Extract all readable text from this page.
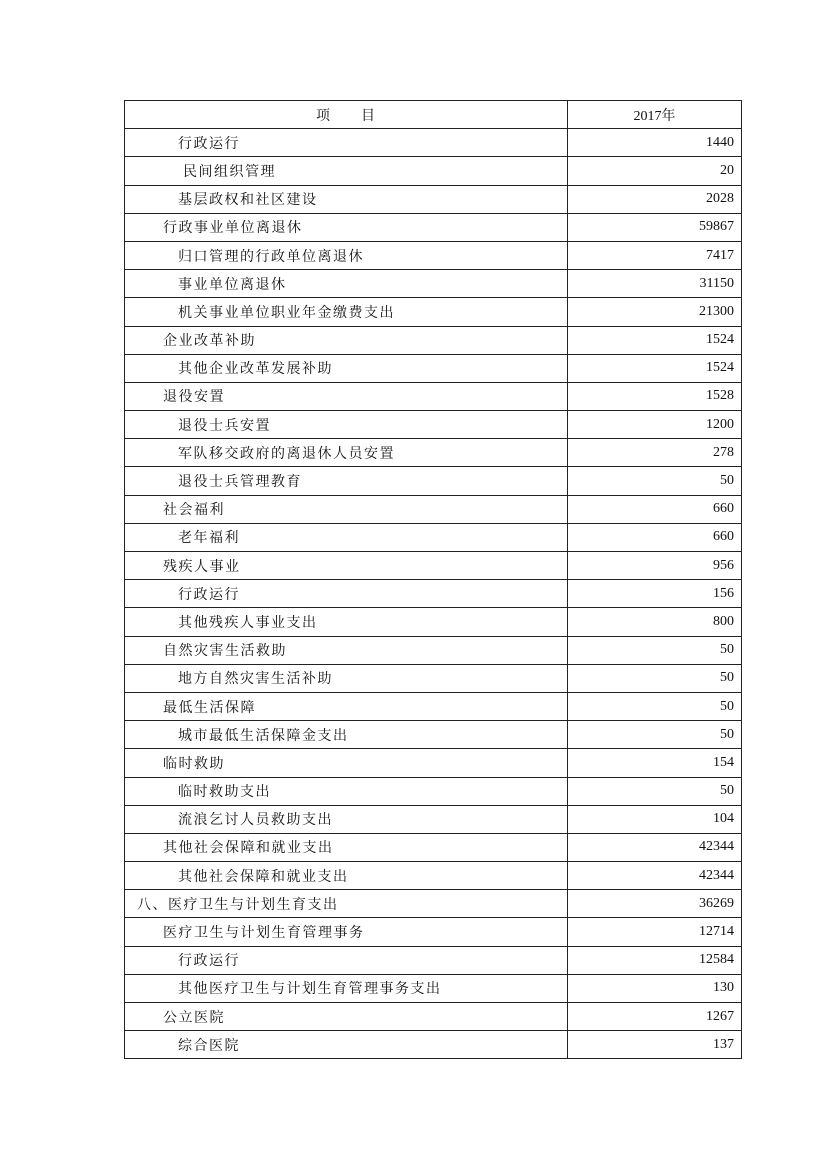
项 目	2017年
行政运行	1440
民间组织管理	20
基层政权和社区建设	2028
行政事业单位离退休	59867
归口管理的行政单位离退休	7417
事业单位离退休	31150
机关事业单位职业年金缴费支出	21300
企业改革补助	1524
其他企业改革发展补助	1524
退役安置	1528
退役士兵安置	1200
军队移交政府的离退休人员安置	278
退役士兵管理教育	50
社会福利	660
老年福利	660
残疾人事业	956
行政运行	156
其他残疾人事业支出	800
自然灾害生活救助	50
地方自然灾害生活补助	50
最低生活保障	50
城市最低生活保障金支出	50
临时救助	154
临时救助支出	50
流浪乞讨人员救助支出	104
其他社会保障和就业支出	42344
其他社会保障和就业支出	42344
八、医疗卫生与计划生育支出	36269
医疗卫生与计划生育管理事务	12714
行政运行	12584
其他医疗卫生与计划生育管理事务支出	130
公立医院	1267
综合医院	137
